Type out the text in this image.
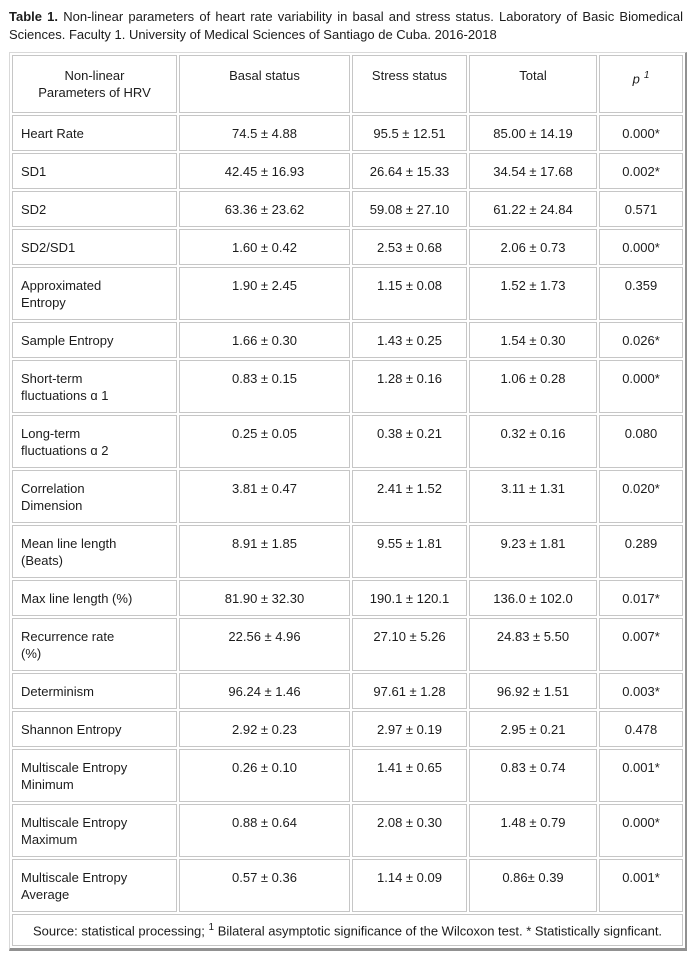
Table 1. Non-linear parameters of heart rate variability in basal and stress status. Laboratory of Basic Biomedical Sciences. Faculty 1. University of Medical Sciences of Santiago de Cuba. 2016-2018

Non-linear Parameters of HRV	Basal status	Stress status	Total	p $^1$
Heart Rate	74.5 ± 4.88	95.5 ± 12.51	85.00 ± 14.19	0.000*
SD1	42.45 ± 16.93	26.64 ± 15.33	34.54 ± 17.68	0.002*
SD2	63.36 ± 23.62	59.08 ± 27.10	61.22 ± 24.84	0.571
SD2/SD1	1.60 ± 0.42	2.53 ± 0.68	2.06 ± 0.73	0.000*
Approximated Entropy	1.90 ± 2.45	1.15 ± 0.08	1.52 ± 1.73	0.359
Sample Entropy	1.66 ± 0.30	1.43 ± 0.25	1.54 ± 0.30	0.026*
Short-term fluctuations ɑ 1	0.83 ± 0.15	1.28 ± 0.16	1.06 ± 0.28	0.000*
Long-term fluctuations ɑ 2	0.25 ± 0.05	0.38 ± 0.21	0.32 ± 0.16	0.080
Correlation Dimension	3.81 ± 0.47	2.41 ± 1.52	3.11 ± 1.31	0.020*
Mean line length (Beats)	8.91 ± 1.85	9.55 ± 1.81	9.23 ± 1.81	0.289
Max line length (%)	81.90 ± 32.30	190.1 ± 120.1	136.0 ± 102.0	0.017*
Recurrence rate (%)	22.56 ± 4.96	27.10 ± 5.26	24.83 ± 5.50	0.007*
Determinism	96.24 ± 1.46	97.61 ± 1.28	96.92 ± 1.51	0.003*
Shannon Entropy	2.92 ± 0.23	2.97 ± 0.19	2.95 ± 0.21	0.478
Multiscale Entropy Minimum	0.26 ± 0.10	1.41 ± 0.65	0.83 ± 0.74	0.001*
Multiscale Entropy Maximum	0.88 ± 0.64	2.08 ± 0.30	1.48 ± 0.79	0.000*
Multiscale Entropy Average	0.57 ± 0.36	1.14 ± 0.09	0.86± 0.39	0.001*
Source: statistical processing; $^1$ Bilateral asymptotic significance of the Wilcoxon test. * Statistically signficant.				
